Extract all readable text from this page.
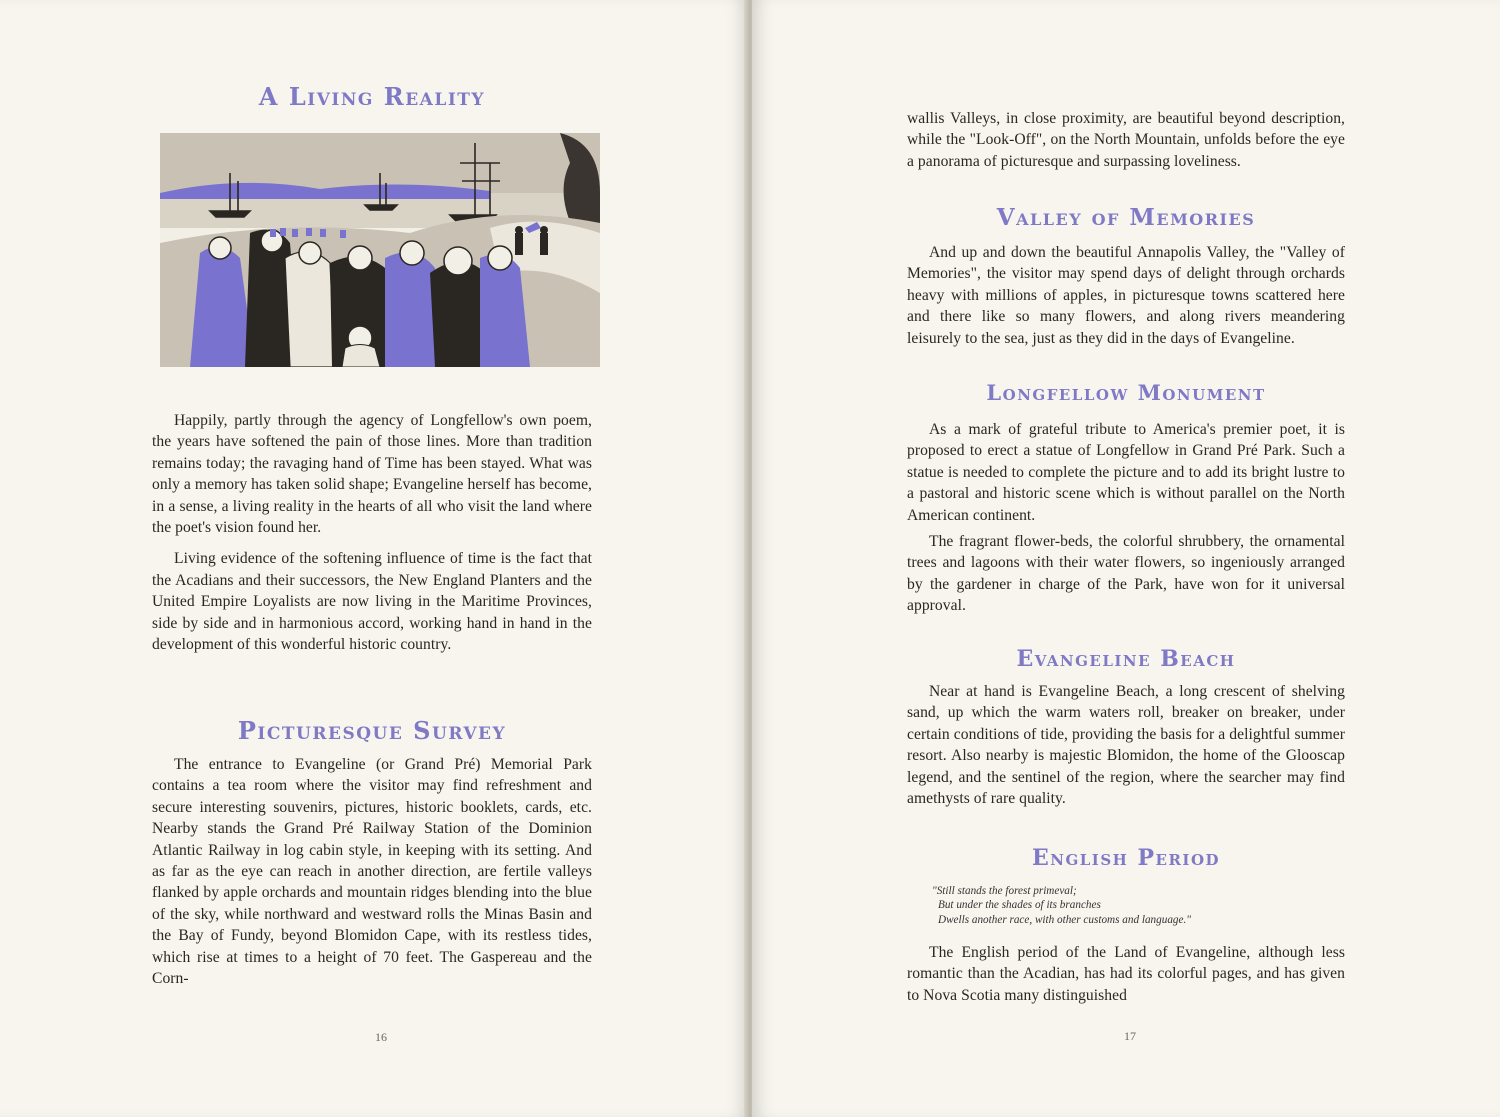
A Living Reality

Happily, partly through the agency of Longfellow's own poem, the years have softened the pain of those lines. More than tradition remains today; the ravaging hand of Time has been stayed. What was only a memory has taken solid shape; Evangeline herself has become, in a sense, a living reality in the hearts of all who visit the land where the poet's vision found her.

Living evidence of the softening influence of time is the fact that the Acadians and their successors, the New England Planters and the United Empire Loyalists are now living in the Maritime Provinces, side by side and in harmonious accord, working hand in hand in the development of this wonderful historic country.

Picturesque Survey

The entrance to Evangeline (or Grand Pré) Memorial Park contains a tea room where the visitor may find refreshment and secure interesting souvenirs, pictures, historic booklets, cards, etc. Nearby stands the Grand Pré Railway Station of the Dominion Atlantic Railway in log cabin style, in keeping with its setting. And as far as the eye can reach in another direction, are fertile valleys flanked by apple orchards and mountain ridges blending into the blue of the sky, while northward and westward rolls the Minas Basin and the Bay of Fundy, beyond Blomidon Cape, with its restless tides, which rise at times to a height of 70 feet. The Gaspereau and the Corn-

16

wallis Valleys, in close proximity, are beautiful beyond description, while the "Look-Off", on the North Mountain, unfolds before the eye a panorama of picturesque and surpassing loveliness.

Valley of Memories

And up and down the beautiful Annapolis Valley, the "Valley of Memories", the visitor may spend days of delight through orchards heavy with millions of apples, in picturesque towns scattered here and there like so many flowers, and along rivers meandering leisurely to the sea, just as they did in the days of Evangeline.

Longfellow Monument

As a mark of grateful tribute to America's premier poet, it is proposed to erect a statue of Longfellow in Grand Pré Park. Such a statue is needed to complete the picture and to add its bright lustre to a pastoral and historic scene which is without parallel on the North American continent.

The fragrant flower-beds, the colorful shrubbery, the ornamental trees and lagoons with their water flowers, so ingeniously arranged by the gardener in charge of the Park, have won for it universal approval.

Evangeline Beach

Near at hand is Evangeline Beach, a long crescent of shelving sand, up which the warm waters roll, breaker on breaker, under certain conditions of tide, providing the basis for a delightful summer resort. Also nearby is majestic Blomidon, the home of the Glooscap legend, and the sentinel of the region, where the searcher may find amethysts of rare quality.

English Period
"Still stands the forest primeval;
But under the shades of its branches
Dwells another race, with other customs and language."

The English period of the Land of Evangeline, although less romantic than the Acadian, has had its colorful pages, and has given to Nova Scotia many distinguished

17
